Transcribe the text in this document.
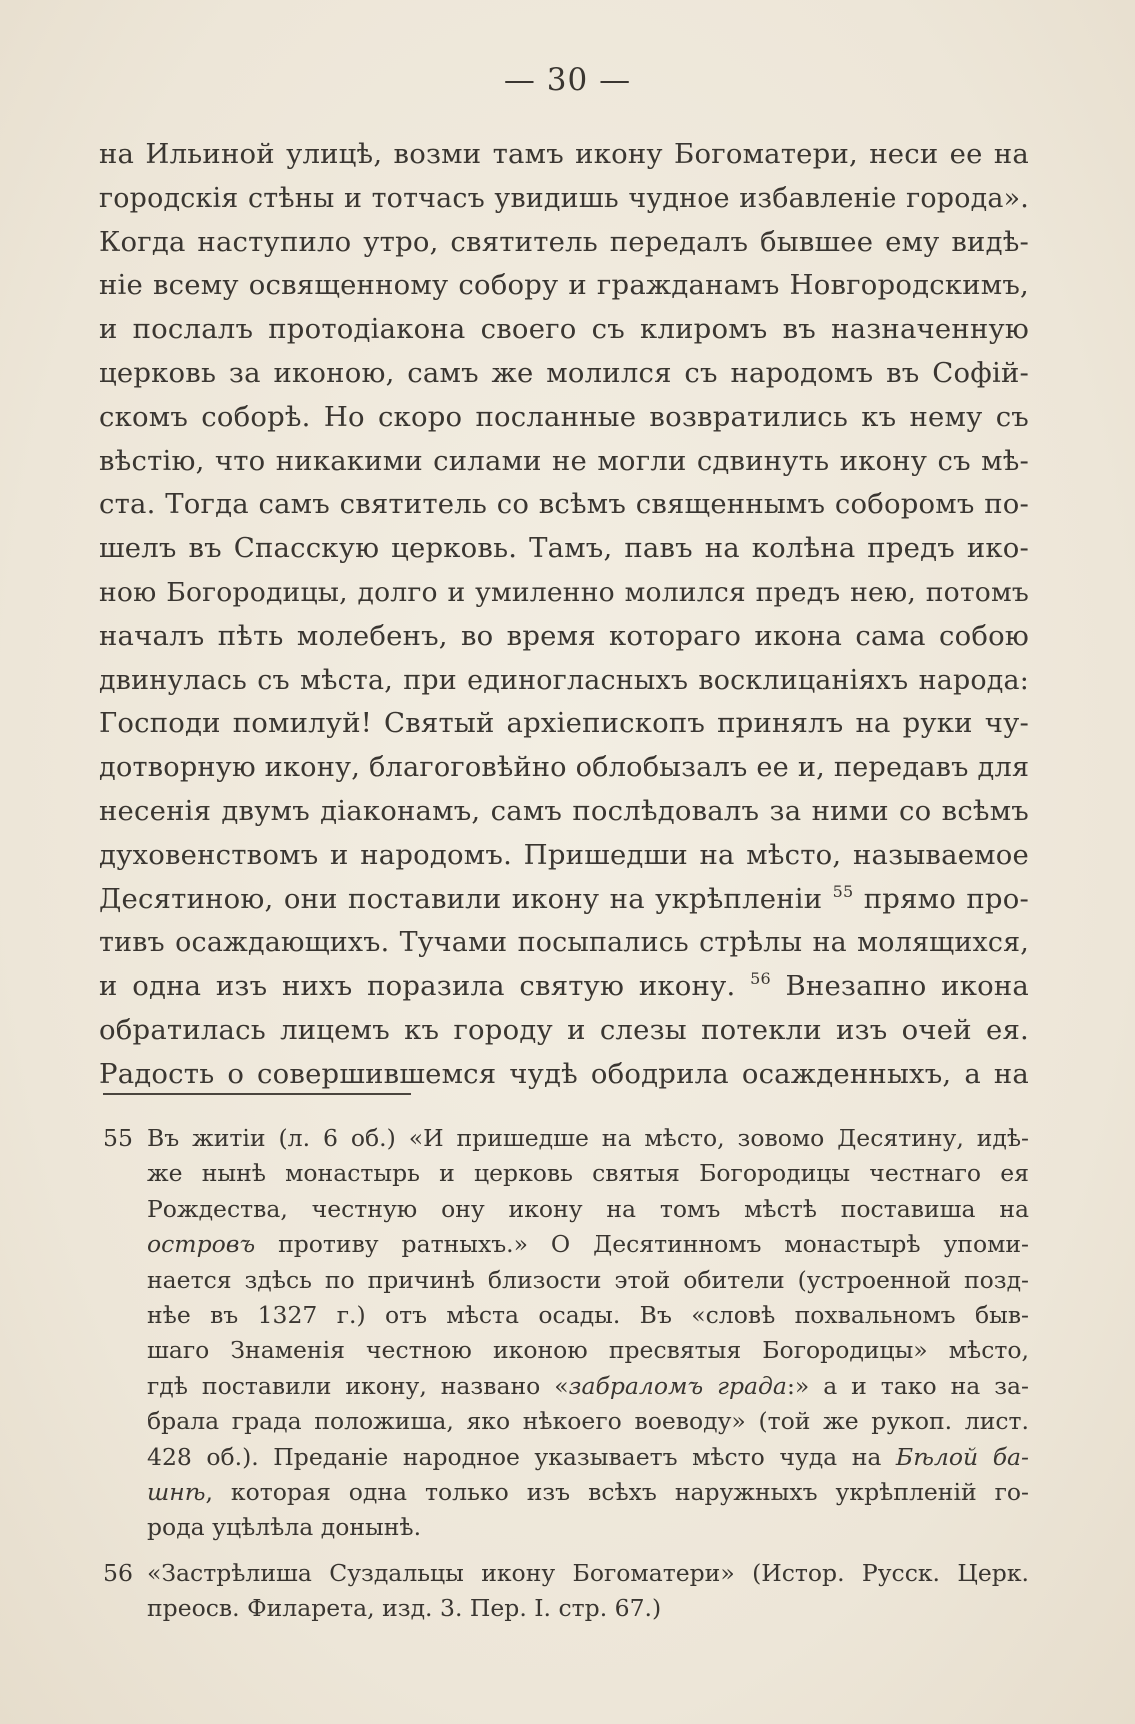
— 30 —
на Ильиной улицѣ, возми тамъ икону Богоматери, неси ее на
городскія стѣны и тотчасъ увидишь чудное избавленіе города».
Когда наступило утро, святитель передалъ бывшее ему видѣ-
ніе всему освященному собору и гражданамъ Новгородскимъ,
и послалъ протодіакона своего съ клиромъ въ назначенную
церковь за иконою, самъ же молился съ народомъ въ Софій-
скомъ соборѣ. Но скоро посланные возвратились къ нему съ
вѣстію, что никакими силами не могли сдвинуть икону съ мѣ-
ста. Тогда самъ святитель со всѣмъ священнымъ соборомъ по-
шелъ въ Спасскую церковь. Тамъ, павъ на колѣна предъ ико-
ною Богородицы, долго и умиленно молился предъ нею, потомъ
началъ пѣть молебенъ, во время котораго икона сама собою
двинулась съ мѣста, при единогласныхъ восклицаніяхъ народа:
Господи помилуй! Святый архіепископъ принялъ на руки чу-
дотворную икону, благоговѣйно облобызалъ ее и, передавъ для
несенія двумъ діаконамъ, самъ послѣдовалъ за ними со всѣмъ
духовенствомъ и народомъ. Пришедши на мѣсто, называемое
Десятиною, они поставили икону на укрѣпленіи $^{55}$ прямо про-
тивъ осаждающихъ. Тучами посыпались стрѣлы на молящихся,
и одна изъ нихъ поразила святую икону. $^{56}$ Внезапно икона
обратилась лицемъ къ городу и слезы потекли изъ очей ея.
Радость о совершившемся чудѣ ободрила осажденныхъ, а на
55 Въ житіи (л. 6 об.) «И пришедше на мѣсто, зовомо Десятину, идѣ-
же нынѣ монастырь и церковь святыя Богородицы честнаго ея
Рождества, честную ону икону на томъ мѣстѣ поставиша на
островъ противу ратныхъ.» О Десятинномъ монастырѣ упоми-
нается здѣсь по причинѣ близости этой обители (устроенной позд-
нѣе въ 1327 г.) отъ мѣста осады. Въ «словѣ похвальномъ быв-
шаго Знаменія честною иконою пресвятыя Богородицы» мѣсто,
гдѣ поставили икону, названо «забраломъ града:» а и тако на за-
брала града положиша, яко нѣкоего воеводу» (той же рукоп. лист.
428 об.). Преданіе народное указываетъ мѣсто чуда на Бѣлой ба-
шнѣ, которая одна только изъ всѣхъ наружныхъ укрѣпленій го-
рода уцѣлѣла донынѣ.
56 «Застрѣлиша Суздальцы икону Богоматери» (Истор. Русск. Церк.
преосв. Филарета, изд. 3. Пер. I. стр. 67.)
